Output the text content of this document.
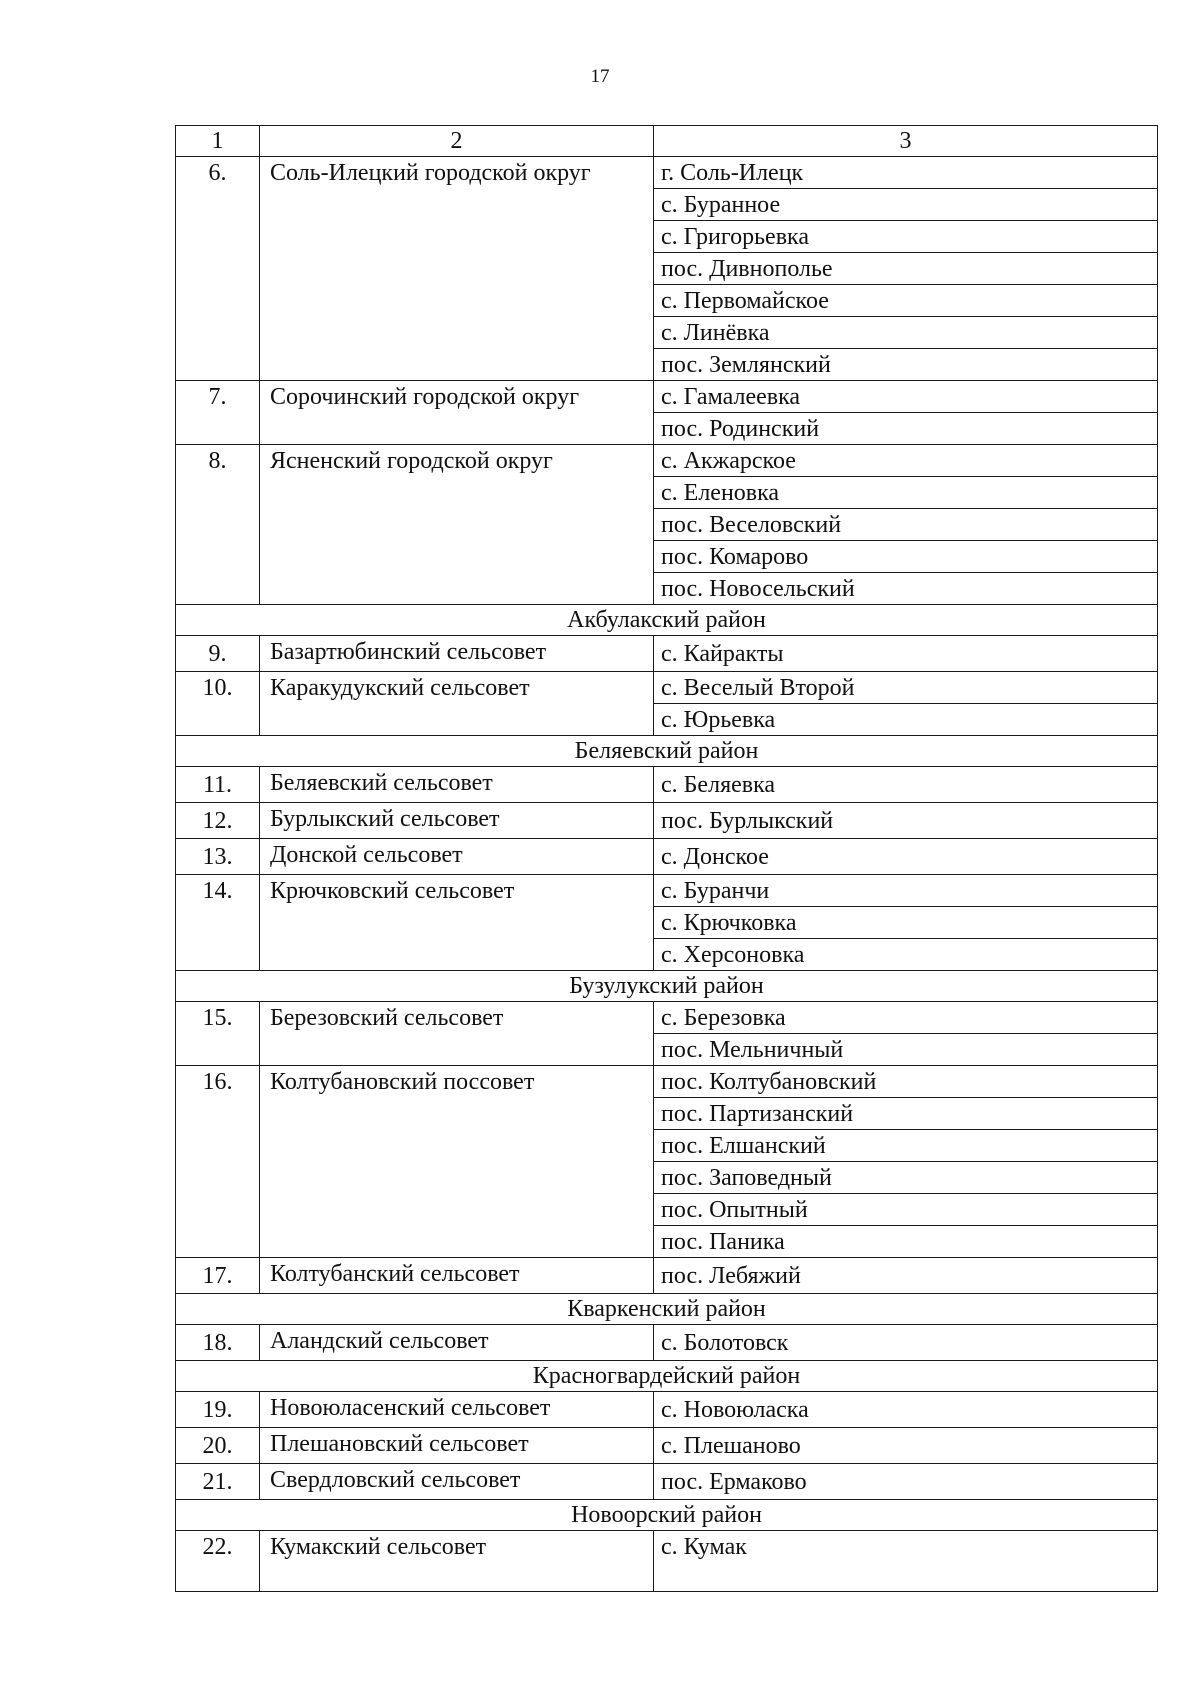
17
1	2	3
6.	Соль-Илецкий городской округ	г. Соль-Илецк
		с. Буранное
		с. Григорьевка
		пос. Дивнополье
		с. Первомайское
		с. Линёвка
		пос. Землянский
7.	Сорочинский городской округ	с. Гамалеевка
		пос. Родинский
8.	Ясненский городской округ	с. Акжарское
		с. Еленовка
		пос. Веселовский
		пос. Комарово
		пос. Новосельский
Акбулакский район		
9.	Базартюбинский сельсовет	с. Кайракты
10.	Каракудукский сельсовет	с. Веселый Второй
		с. Юрьевка
Беляевский район		
11.	Беляевский сельсовет	с. Беляевка
12.	Бурлыкский сельсовет	пос. Бурлыкский
13.	Донской сельсовет	с. Донское
14.	Крючковский сельсовет	с. Буранчи
		с. Крючковка
		с. Херсоновка
Бузулукский район		
15.	Березовский сельсовет	с. Березовка
		пос. Мельничный
16.	Колтубановский поссовет	пос. Колтубановский
		пос. Партизанский
		пос. Елшанский
		пос. Заповедный
		пос. Опытный
		пос. Паника
17.	Колтубанский сельсовет	пос. Лебяжий
Кваркенский район		
18.	Аландский сельсовет	с. Болотовск
Красногвардейский район		
19.	Новоюласенский сельсовет	с. Новоюласка
20.	Плешановский сельсовет	с. Плешаново
21.	Свердловский сельсовет	пос. Ермаково
Новоорский район		
22.	Кумакский сельсовет	с. Кумак
